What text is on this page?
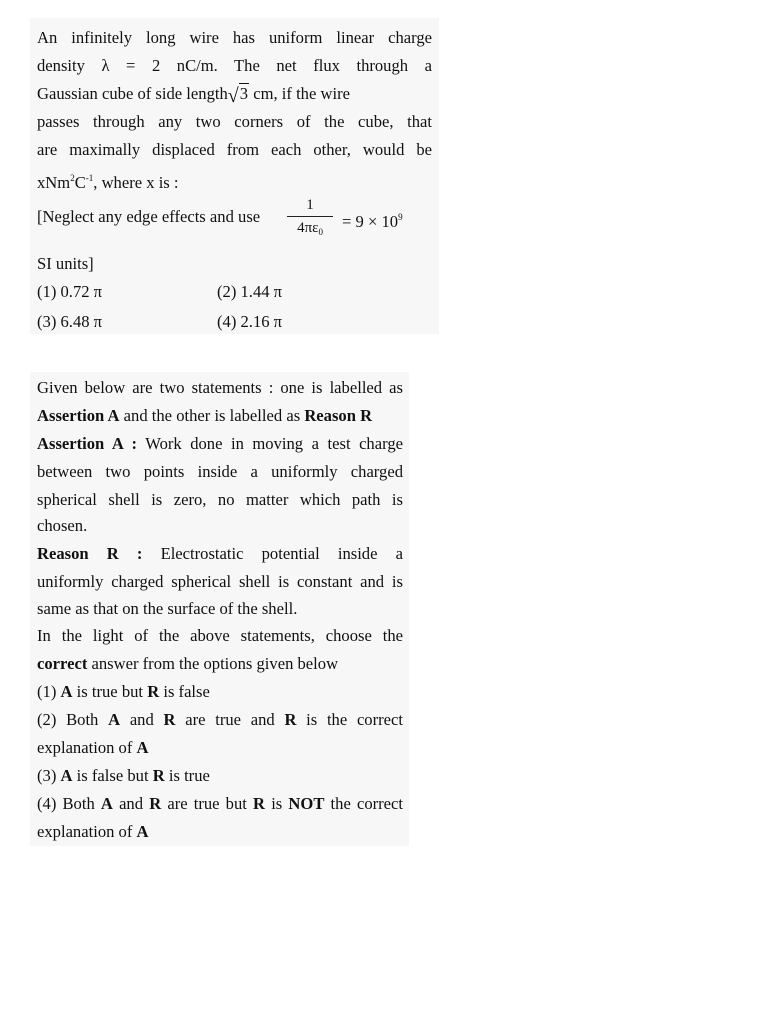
An infinitely long wire has uniform linear charge
density λ = 2 nC/m. The net flux through a
Gaussian cube of side length√3 cm, if the wire
passes through any two corners of the cube, that
are maximally displaced from each other, would be
$xNm^2C^{-1}$, where x is :
[Neglect any edge effects and use
1
$4\pi\varepsilon_0$
= $9 \times 10^9$
SI units]
(1) 0.72 π	(2) 1.44 π
(3) 6.48 π	(4) 2.16 π
Given below are two statements : one is labelled as
Assertion A and the other is labelled as Reason R
Assertion A : Work done in moving a test charge
between two points inside a uniformly charged
spherical shell is zero, no matter which path is
chosen.
Reason R : Electrostatic potential inside a
uniformly charged spherical shell is constant and is
same as that on the surface of the shell.
In the light of the above statements, choose the
correct answer from the options given below
(1) A is true but R is false
(2) Both A and R are true and R is the correct
explanation of A
(3) A is false but R is true
(4) Both A and R are true but R is NOT the correct
explanation of A
